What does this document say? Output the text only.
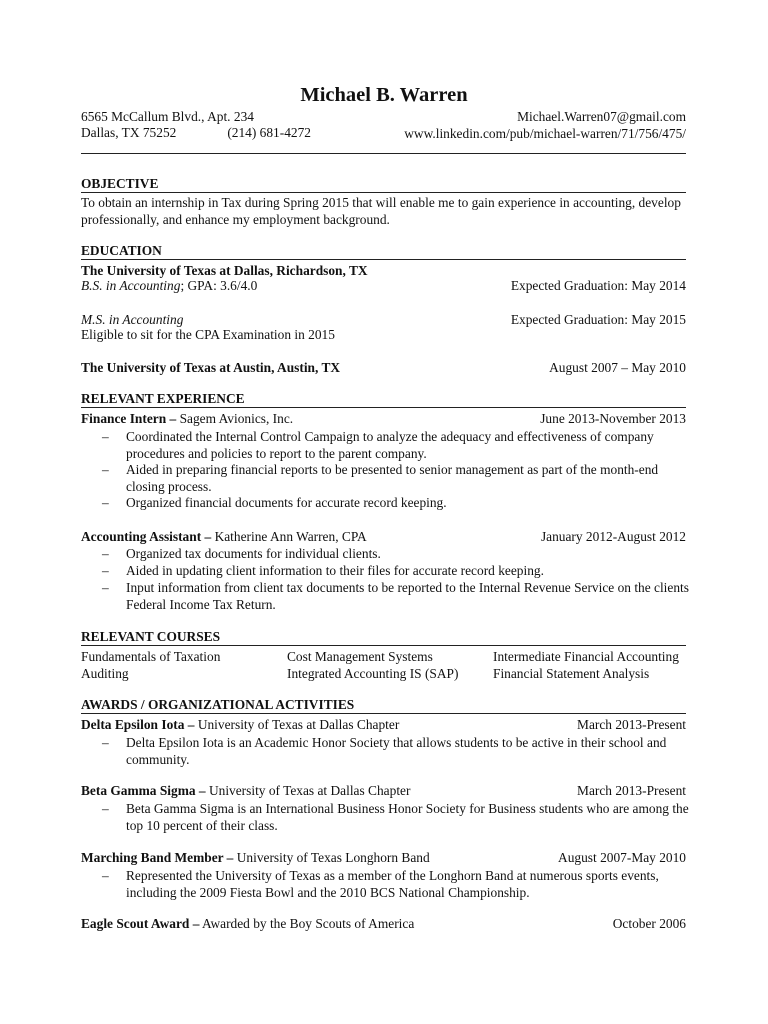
Michael B. Warren
6565 McCallum Blvd., Apt. 234
Dallas, TX 75252	(214) 681-4272
Michael.Warren07@gmail.com
www.linkedin.com/pub/michael-warren/71/756/475/
OBJECTIVE
To obtain an internship in Tax during Spring 2015 that will enable me to gain experience in accounting, develop professionally, and enhance my employment background.
EDUCATION
The University of Texas at Dallas, Richardson, TX
B.S. in Accounting; GPA: 3.6/4.0	Expected Graduation: May 2014
M.S. in Accounting	Expected Graduation: May 2015
Eligible to sit for the CPA Examination in 2015
The University of Texas at Austin, Austin, TX	August 2007 – May 2010
RELEVANT EXPERIENCE
Finance Intern – Sagem Avionics, Inc.	June 2013-November 2013
–	Coordinated the Internal Control Campaign to analyze the adequacy and effectiveness of company procedures and policies to report to the parent company.
–	Aided in preparing financial reports to be presented to senior management as part of the month-end closing process.
–	Organized financial documents for accurate record keeping.
Accounting Assistant – Katherine Ann Warren, CPA	January 2012-August 2012
–	Organized tax documents for individual clients.
–	Aided in updating client information to their files for accurate record keeping.
–	Input information from client tax documents to be reported to the Internal Revenue Service on the clients Federal Income Tax Return.
RELEVANT COURSES
Fundamentals of Taxation	Cost Management Systems	Intermediate Financial Accounting
Auditing	Integrated Accounting IS (SAP)	Financial Statement Analysis
AWARDS / ORGANIZATIONAL ACTIVITIES
Delta Epsilon Iota – University of Texas at Dallas Chapter	March 2013-Present
–	Delta Epsilon Iota is an Academic Honor Society that allows students to be active in their school and community.
Beta Gamma Sigma – University of Texas at Dallas Chapter	March 2013-Present
–	Beta Gamma Sigma is an International Business Honor Society for Business students who are among the top 10 percent of their class.
Marching Band Member – University of Texas Longhorn Band	August 2007-May 2010
–	Represented the University of Texas as a member of the Longhorn Band at numerous sports events, including the 2009 Fiesta Bowl and the 2010 BCS National Championship.
Eagle Scout Award – Awarded by the Boy Scouts of America	October 2006
